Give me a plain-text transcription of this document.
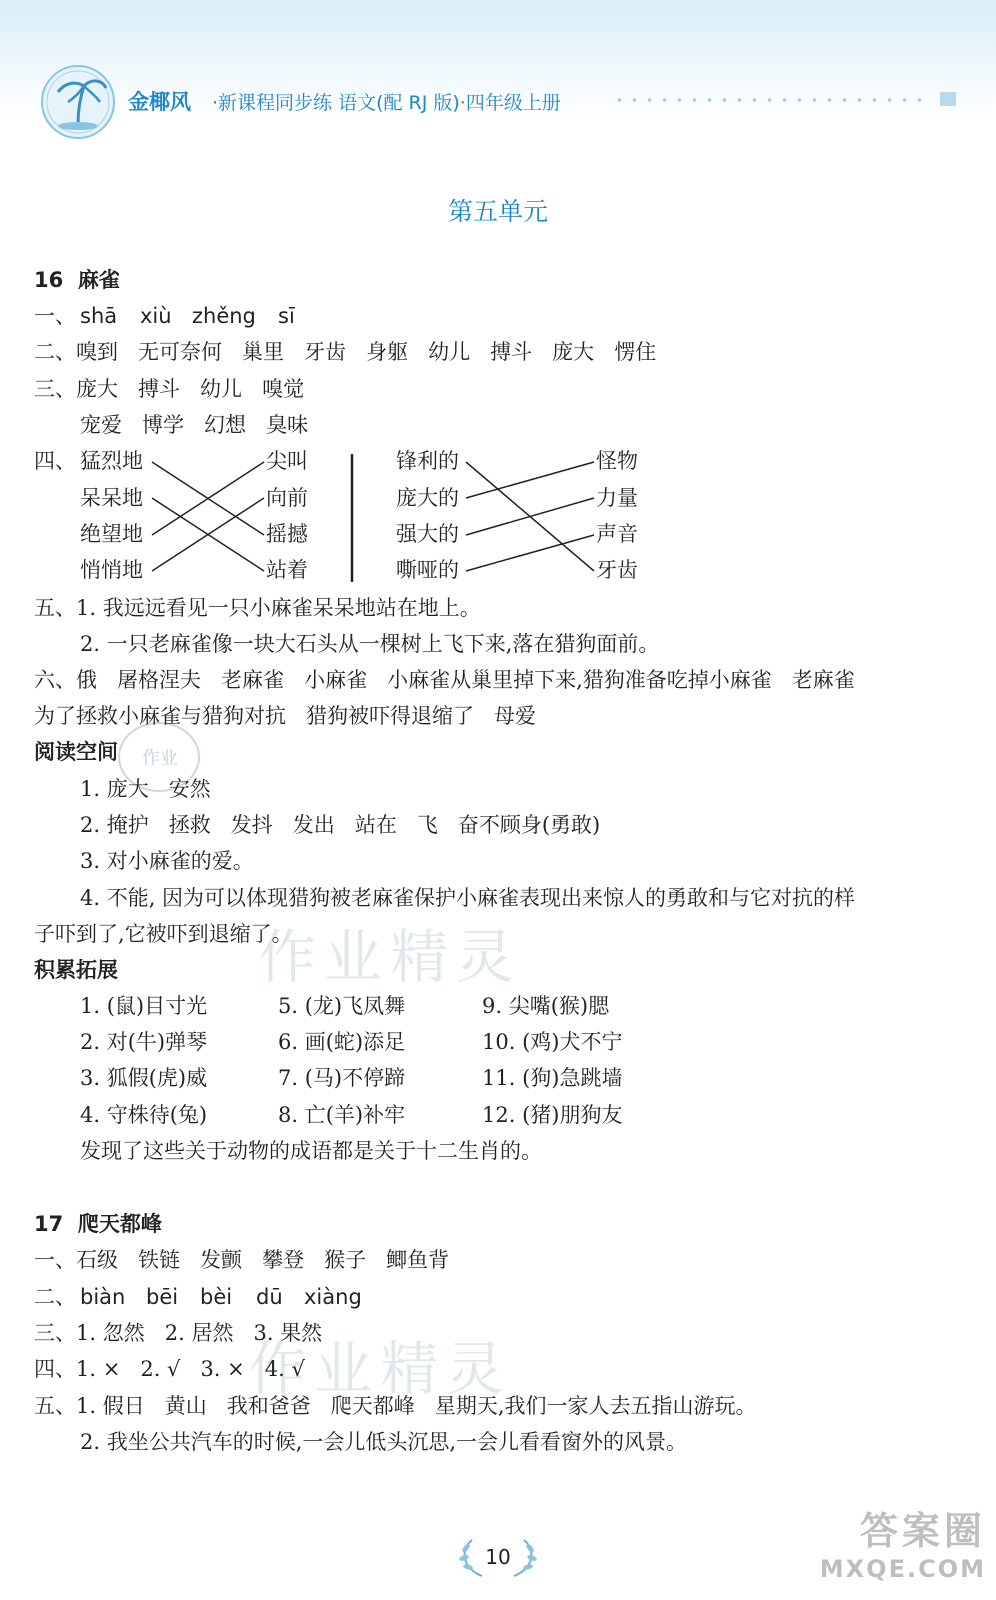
金椰风 ·新课程同步练 语文(配 RJ 版)·四年级上册
第五单元
作业精灵
作业精灵
作业
16  麻雀
一、 shā xiù zhěng sī
二、嗅到   无可奈何   巢里   牙齿   身躯   幼儿   搏斗   庞大   愣住
三、庞大   搏斗   幼儿   嗅觉
宠爱   博学   幻想   臭味
四、 猛烈地
呆呆地
绝望地
悄悄地
尖叫
向前
摇撼
站着
锋利的
庞大的
强大的
嘶哑的
怪物
力量
声音
牙齿
五、1. 我远远看见一只小麻雀呆呆地站在地上。
2. 一只老麻雀像一块大石头从一棵树上飞下来,落在猎狗面前。
六、俄   屠格涅夫   老麻雀   小麻雀   小麻雀从巢里掉下来,猎狗准备吃掉小麻雀   老麻雀
为了拯救小麻雀与猎狗对抗   猎狗被吓得退缩了   母爱
阅读空间
1. 庞大   安然
2. 掩护   拯救   发抖   发出   站在   飞   奋不顾身(勇敢)
3. 对小麻雀的爱。
4. 不能, 因为可以体现猎狗被老麻雀保护小麻雀表现出来惊人的勇敢和与它对抗的样
子吓到了,它被吓到退缩了。
积累拓展
1. (鼠)目寸光
2. 对(牛)弹琴
3. 狐假(虎)威
4. 守株待(兔)
5. (龙)飞凤舞
6. 画(蛇)添足
7. (马)不停蹄
8. 亡(羊)补牢
9. 尖嘴(猴)腮
10. (鸡)犬不宁
11. (狗)急跳墙
12. (猪)朋狗友
发现了这些关于动物的成语都是关于十二生肖的。
17  爬天都峰
一、石级   铁链   发颤   攀登   猴子   鲫鱼背
二、 biàn bēi bèi dū xiàng
三、1. 忽然   2. 居然   3. 果然
四、1. ×   2. √   3. ×   4. √
五、1. 假日   黄山   我和爸爸   爬天都峰   星期天,我们一家人去五指山游玩。
2. 我坐公共汽车的时候,一会儿低头沉思,一会儿看看窗外的风景。
10
答案圈
MXQE.COM
